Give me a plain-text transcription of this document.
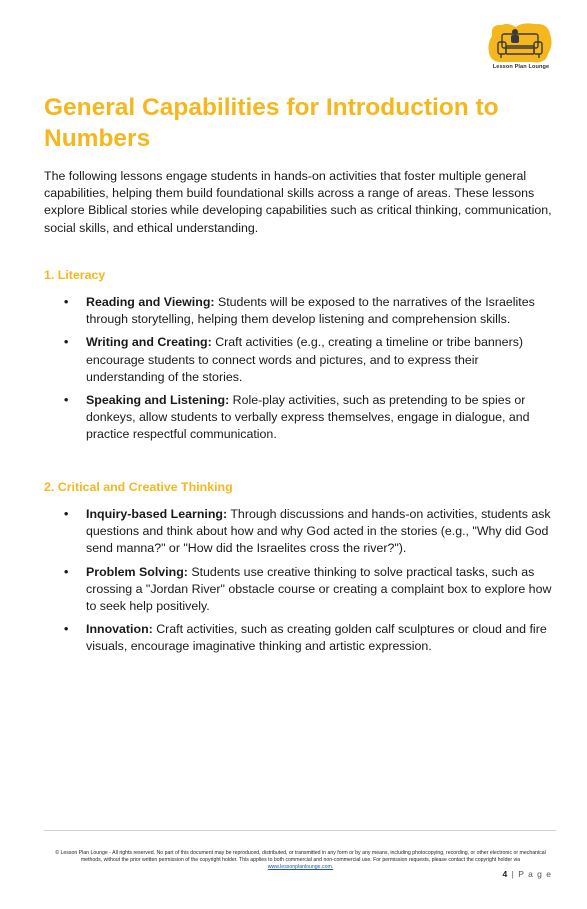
Lesson Plan Lounge
General Capabilities for Introduction to Numbers

The following lessons engage students in hands-on activities that foster multiple general capabilities, helping them build foundational skills across a range of areas. These lessons explore Biblical stories while developing capabilities such as critical thinking, communication, social skills, and ethical understanding.

1. Literacy
• Reading and Viewing: Students will be exposed to the narratives of the Israelites through storytelling, helping them develop listening and comprehension skills.
• Writing and Creating: Craft activities (e.g., creating a timeline or tribe banners) encourage students to connect words and pictures, and to express their understanding of the stories.
• Speaking and Listening: Role-play activities, such as pretending to be spies or donkeys, allow students to verbally express themselves, engage in dialogue, and practice respectful communication.
2. Critical and Creative Thinking
• Inquiry-based Learning: Through discussions and hands-on activities, students ask questions and think about how and why God acted in the stories (e.g., "Why did God send manna?" or "How did the Israelites cross the river?").
• Problem Solving: Students use creative thinking to solve practical tasks, such as crossing a "Jordan River" obstacle course or creating a complaint box to explore how to seek help positively.
• Innovation: Craft activities, such as creating golden calf sculptures or cloud and fire visuals, encourage imaginative thinking and artistic expression.
© Lesson Plan Lounge - All rights reserved. No part of this document may be reproduced, distributed, or transmitted in any form or by any means, including photocopying, recording, or other electronic or mechanical methods, without the prior written permission of the copyright holder. This applies to both commercial and non-commercial use. For permission requests, please contact the copyright holder via
www.lessonplanlounge.com.
4 | P a g e
